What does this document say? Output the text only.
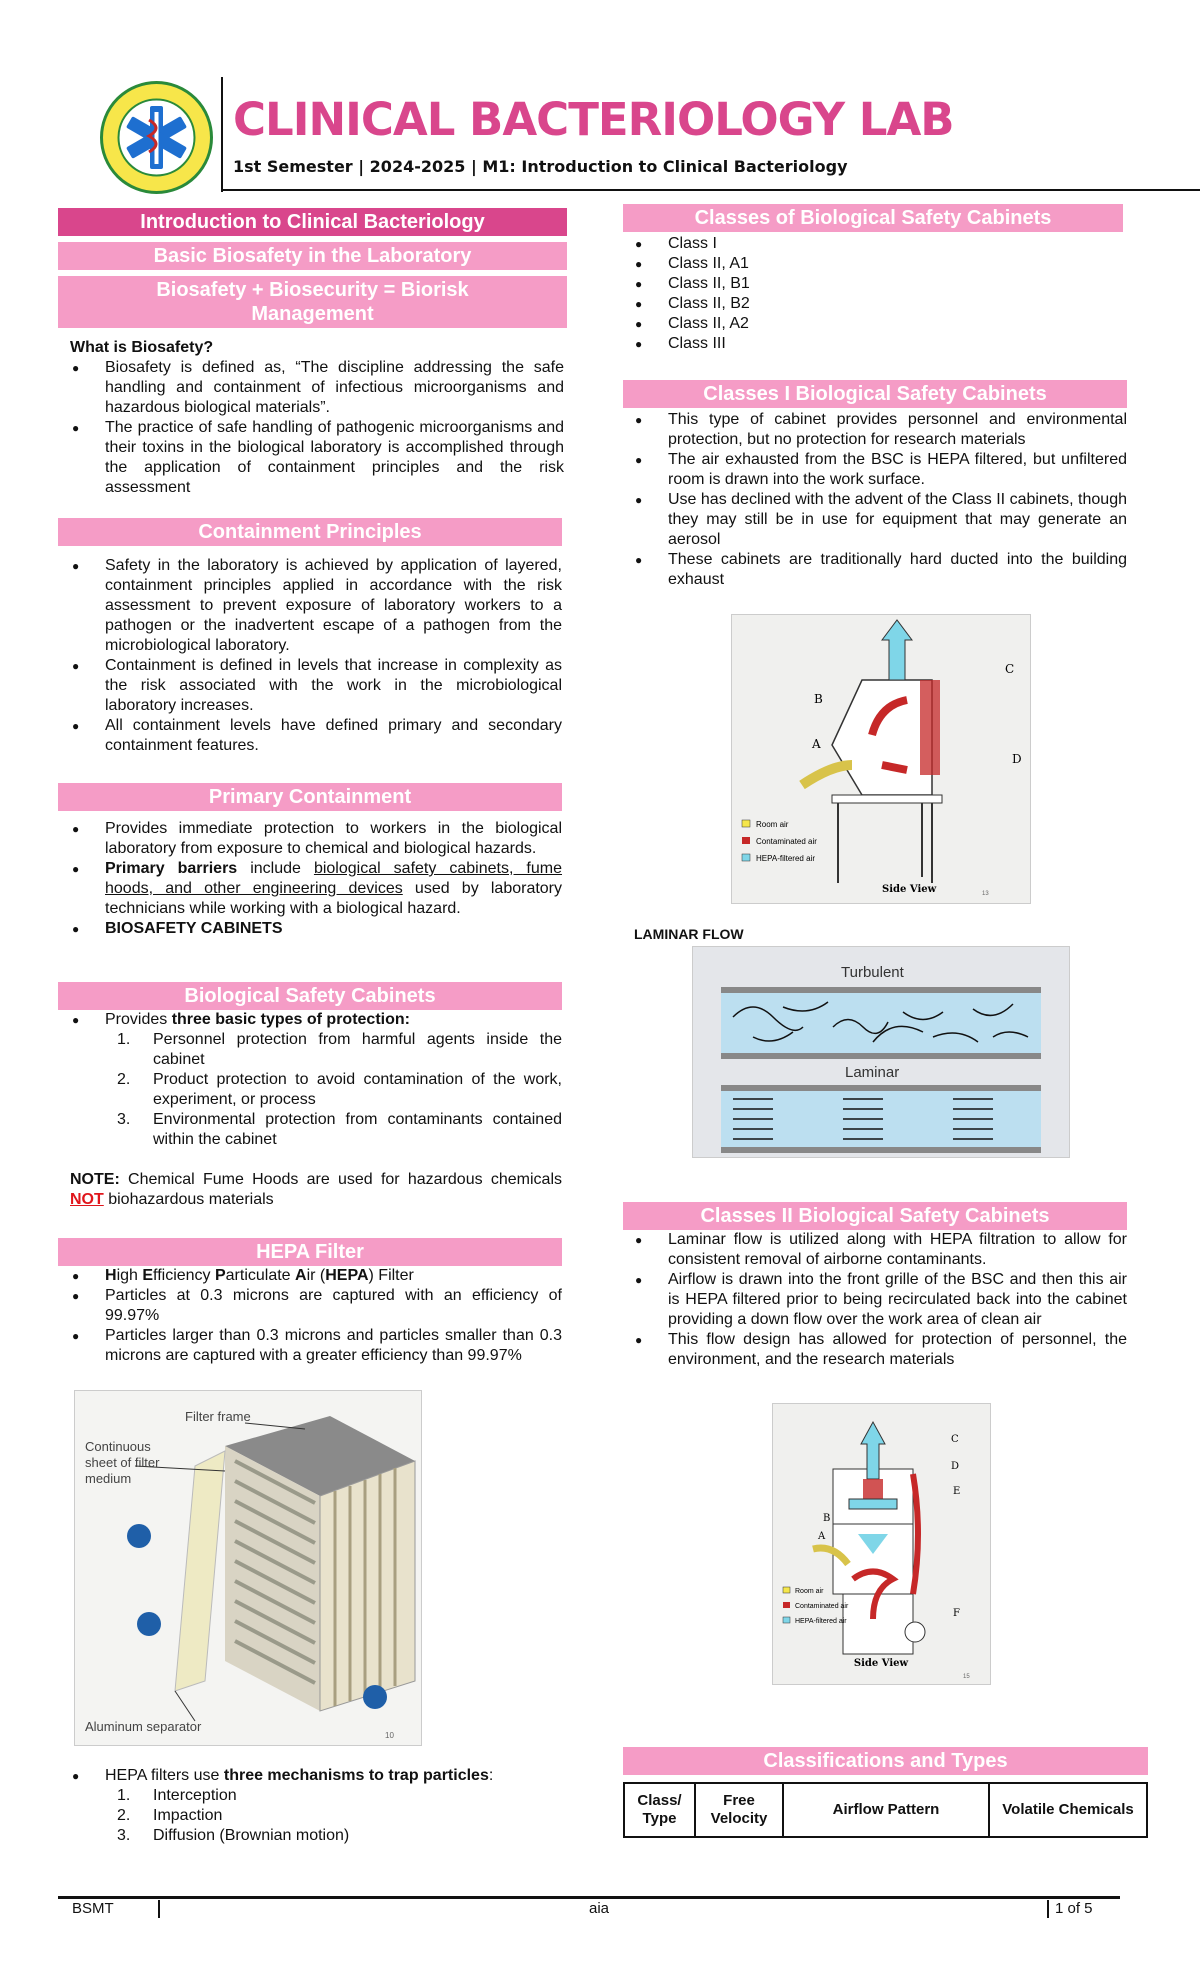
CLINICAL BACTERIOLOGY LAB
1st Semester | 2024-2025 | M1: Introduction to Clinical Bacteriology
Introduction to Clinical Bacteriology
Basic Biosafety in the Laboratory
Biosafety + Biosecurity = Biorisk Management
What is Biosafety?
● Biosafety is defined as, “The discipline addressing the safe handling and containment of infectious microorganisms and hazardous biological materials”.
● The practice of safe handling of pathogenic microorganisms and their toxins in the biological laboratory is accomplished through the application of containment principles and the risk assessment
Containment Principles
● Safety in the laboratory is achieved by application of layered, containment principles applied in accordance with the risk assessment to prevent exposure of laboratory workers to a pathogen or the inadvertent escape of a pathogen from the microbiological laboratory.
● Containment is defined in levels that increase in complexity as the risk associated with the work in the microbiological laboratory increases.
● All containment levels have defined primary and secondary containment features.
Primary Containment
● Provides immediate protection to workers in the biological laboratory from exposure to chemical and biological hazards.
● Primary barriers include biological safety cabinets, fume hoods, and other engineering devices used by laboratory technicians while working with a biological hazard.
● BIOSAFETY CABINETS
Biological Safety Cabinets
● Provides three basic types of protection:
1. Personnel protection from harmful agents inside the cabinet
2. Product protection to avoid contamination of the work, experiment, or process
3. Environmental protection from contaminants contained within the cabinet
NOTE: Chemical Fume Hoods are used for hazardous chemicals NOT biohazardous materials
HEPA Filter
● High Efficiency Particulate Air (HEPA) Filter
● Particles at 0.3 microns are captured with an efficiency of 99.97%
● Particles larger than 0.3 microns and particles smaller than 0.3 microns are captured with a greater efficiency than 99.97%
Filter frame
Continuous
sheet of filter
medium
Aluminum separator
10
● HEPA filters use three mechanisms to trap particles:
1. Interception
2. Impaction
3. Diffusion (Brownian motion)
Classes of Biological Safety Cabinets
● Class I
● Class II, A1
● Class II, B1
● Class II, B2
● Class II, A2
● Class III
Classes I Biological Safety Cabinets
● This type of cabinet provides personnel and environmental protection, but no protection for research materials
● The air exhausted from the BSC is HEPA filtered, but unfiltered room is drawn into the work surface.
● Use has declined with the advent of the Class II cabinets, though they may still be in use for equipment that may generate an aerosol
● These cabinets are traditionally hard ducted into the building exhaust
B
A
C
D
Room air
Contaminated air
HEPA-filtered air
Side View	13
LAMINAR FLOW
Turbulent
Laminar
Classes II Biological Safety Cabinets
● Laminar flow is utilized along with HEPA filtration to allow for consistent removal of airborne contaminants.
● Airflow is drawn into the front grille of the BSC and then this air is HEPA filtered prior to being recirculated back into the cabinet providing a down flow over the work area of clean air
● This flow design has allowed for protection of personnel, the environment, and the research materials
C
D
E
B
A
F
Room air
Contaminated air
HEPA-filtered air
Side View
15
Classifications and Types
Class/ Type	Free Velocity	Airflow Pattern	Volatile Chemicals
BSMT	aia	1 of 5
